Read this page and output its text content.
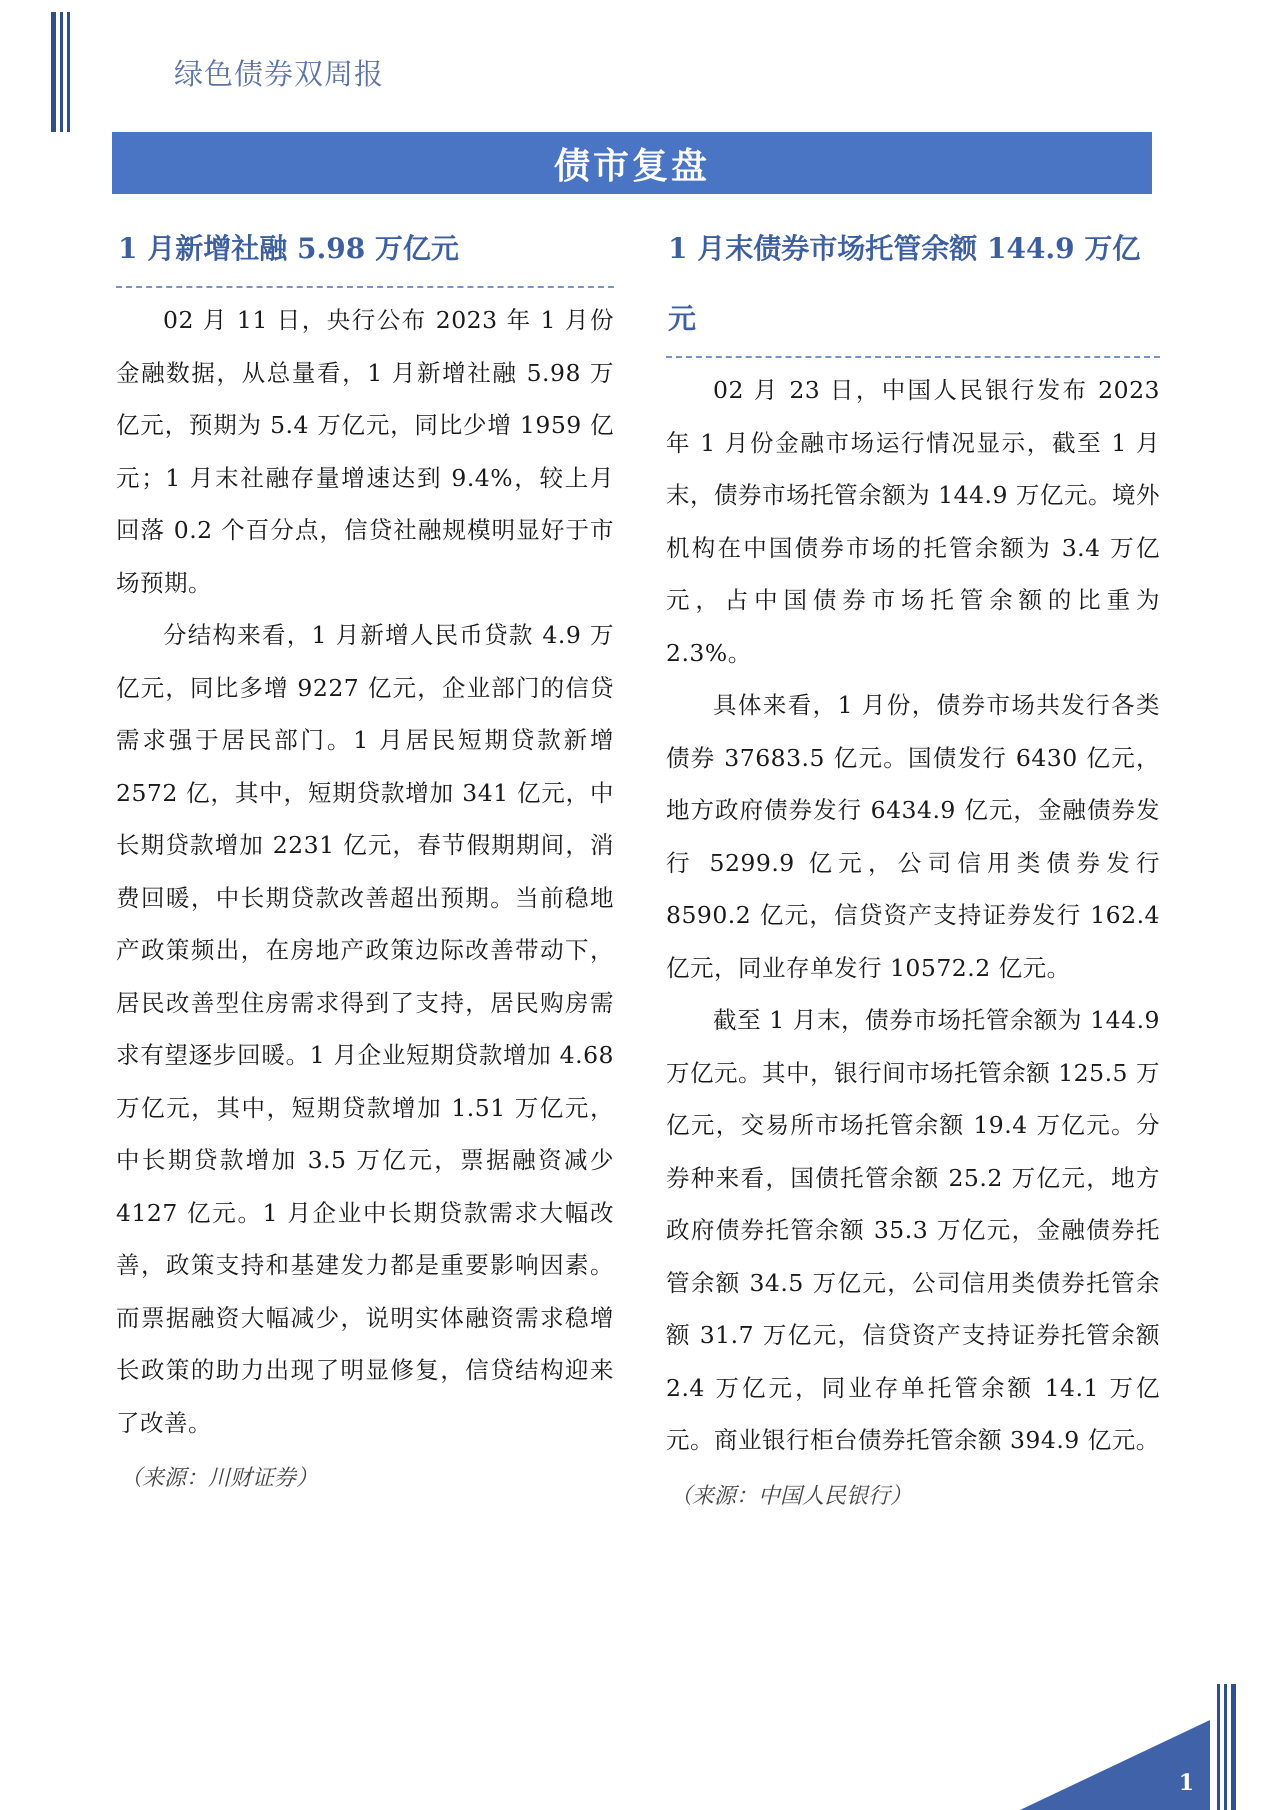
绿色债券双周报
债市复盘
1 月新增社融 5.98 万亿元

02 月 11 日，央行公布 2023 年 1 月份金融数据，从总量看，1 月新增社融 5.98 万亿元，预期为 5.4 万亿元，同比少增 1959 亿元；1 月末社融存量增速达到 9.4%，较上月回落 0.2 个百分点，信贷社融规模明显好于市场预期。

分结构来看，1 月新增人民币贷款 4.9 万亿元，同比多增 9227 亿元，企业部门的信贷需求强于居民部门。1 月居民短期贷款新增 2572 亿，其中，短期贷款增加 341 亿元，中长期贷款增加 2231 亿元，春节假期期间，消费回暖，中长期贷款改善超出预期。当前稳地产政策频出，在房地产政策边际改善带动下，居民改善型住房需求得到了支持，居民购房需求有望逐步回暖。1 月企业短期贷款增加 4.68 万亿元，其中，短期贷款增加 1.51 万亿元，中长期贷款增加 3.5 万亿元，票据融资减少 4127 亿元。1 月企业中长期贷款需求大幅改善，政策支持和基建发力都是重要影响因素。而票据融资大幅减少，说明实体融资需求稳增长政策的助力出现了明显修复，信贷结构迎来了改善。

（来源：川财证券）

1 月末债券市场托管余额 144.9 万亿元

02 月 23 日，中国人民银行发布 2023 年 1 月份金融市场运行情况显示，截至 1 月末，债券市场托管余额为 144.9 万亿元。境外机构在中国债券市场的托管余额为 3.4 万亿元，占中国债券市场托管余额的比重为 2.3%。

具体来看，1 月份，债券市场共发行各类债券 37683.5 亿元。国债发行 6430 亿元，地方政府债券发行 6434.9 亿元，金融债券发行 5299.9 亿元，公司信用类债券发行 8590.2 亿元，信贷资产支持证券发行 162.4 亿元，同业存单发行 10572.2 亿元。

截至 1 月末，债券市场托管余额为 144.9 万亿元。其中，银行间市场托管余额 125.5 万亿元，交易所市场托管余额 19.4 万亿元。分券种来看，国债托管余额 25.2 万亿元，地方政府债券托管余额 35.3 万亿元，金融债券托管余额 34.5 万亿元，公司信用类债券托管余额 31.7 万亿元，信贷资产支持证券托管余额 2.4 万亿元，同业存单托管余额 14.1 万亿元。商业银行柜台债券托管余额 394.9 亿元。

（来源：中国人民银行）

1
